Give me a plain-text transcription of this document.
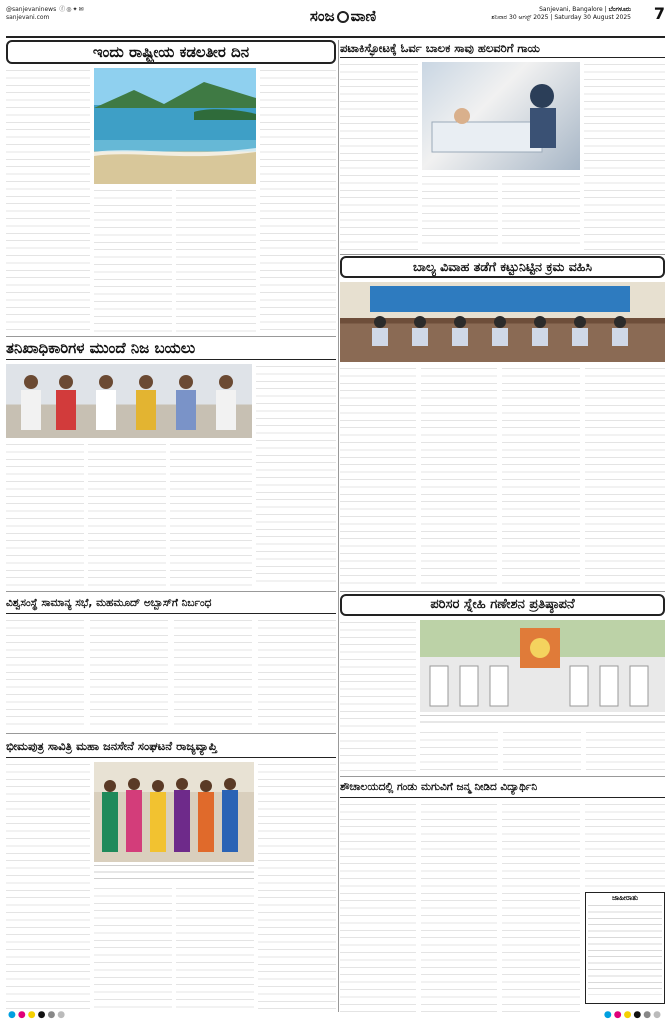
@sanjevaninews ⓕ◎✦✉
sanjevani.com	ಸಂಜ ವಾಣಿ	Sanjevani, Bangalore | ಬೆಂಗಳೂರು
ಶನಿವಾರ 30 ಆಗಸ್ಟ್ 2025 | Saturday 30 August 2025 7
ಇಂದು ರಾಷ್ಟ್ರೀಯ ಕಡಲತೀರ ದಿನ	ಪಟಾಕಿಸ್ಫೋಟಕ್ಕೆ ಓರ್ವ ಬಾಲಕ ಸಾವು ಹಲವರಿಗೆ ಗಾಯ
ಬಾಲ್ಯ ವಿವಾಹ ತಡೆಗೆ ಕಟ್ಟುನಿಟ್ಟಿನ ಕ್ರಮ ವಹಿಸಿ
ತನಿಖಾಧಿಕಾರಿಗಳ ಮುಂದೆ ನಿಜ ಬಯಲು
ವಿಶ್ವಸಂಸ್ಥೆ ಸಾಮಾನ್ಯ ಸಭೆ, ಮಹಮೂದ್ ಅಬ್ಬಾಸ್‌ಗೆ ನಿರ್ಬಂಧ	ಪರಿಸರ ಸ್ನೇಹಿ ಗಣೇಶನ ಪ್ರತಿಷ್ಠಾಪನೆ
ಭೀಮಪುತ್ರ ಸಾವಿತ್ರಿ ಮಹಾ ಜನಸೇನೆ ಸಂಘಟನೆ ರಾಜ್ಯವ್ಯಾಪ್ತಿ
ಶೌಚಾಲಯದಲ್ಲಿ ಗಂಡು ಮಗುವಿಗೆ ಜನ್ಮ ನೀಡಿದ ವಿದ್ಯಾರ್ಥಿನಿ
ಜಾಹೀರಾತು
●●●●●●	●●●●●●
